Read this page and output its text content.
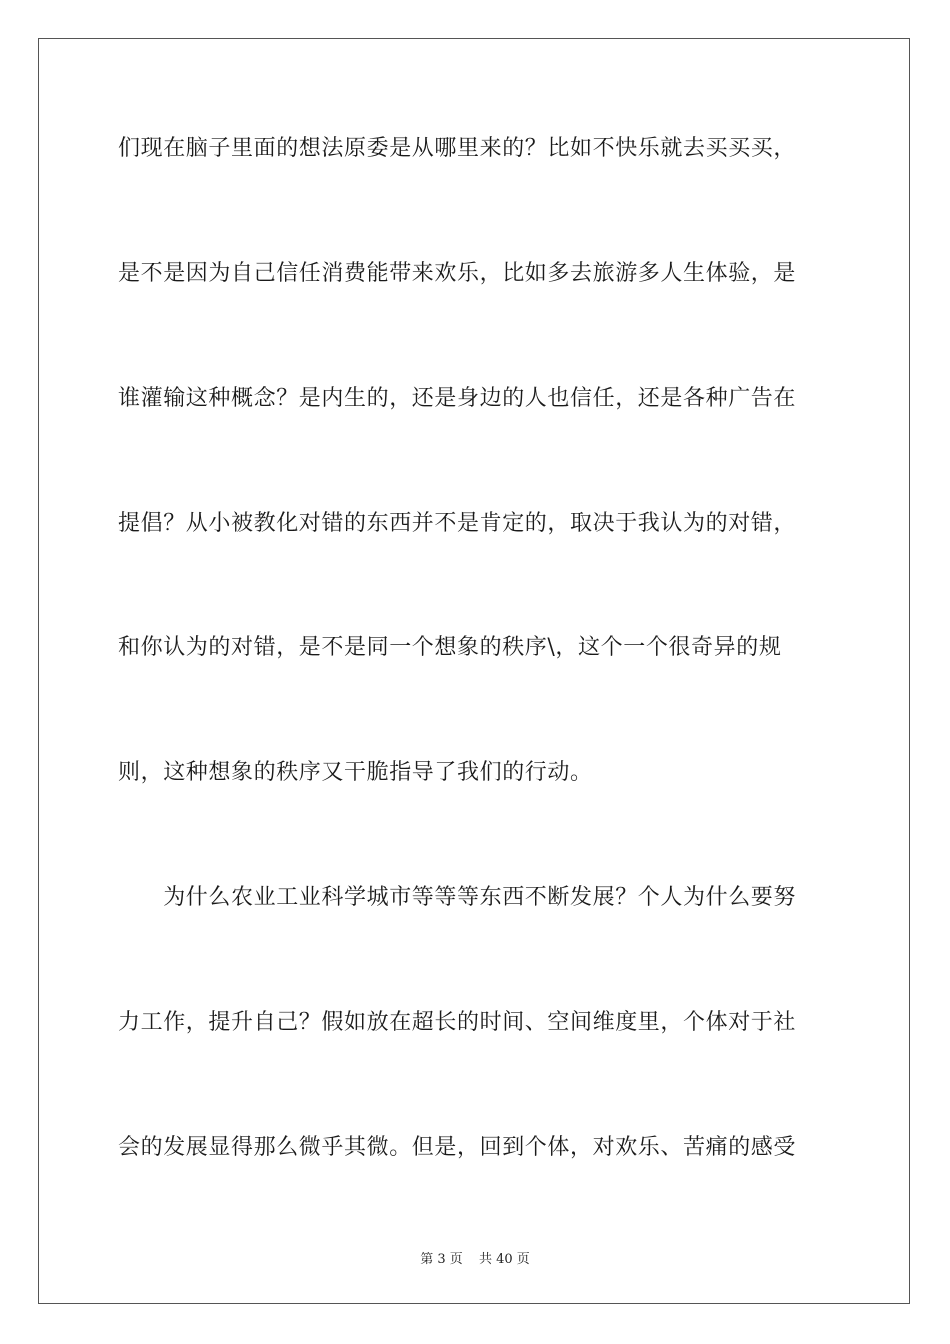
们现在脑子里面的想法原委是从哪里来的？比如不快乐就去买买买，
是不是因为自己信任消费能带来欢乐，比如多去旅游多人生体验，是
谁灌输这种概念？是内生的，还是身边的人也信任，还是各种广告在
提倡？从小被教化对错的东西并不是肯定的，取决于我认为的对错，
和你认为的对错，是不是同一个想象的秩序\，这个一个很奇异的规
则，这种想象的秩序又干脆指导了我们的行动。
　　为什么农业工业科学城市等等等东西不断发展？个人为什么要努
力工作，提升自己？假如放在超长的时间、空间维度里，个体对于社
会的发展显得那么微乎其微。但是，回到个体，对欢乐、苦痛的感受
第 3 页 共 40 页
